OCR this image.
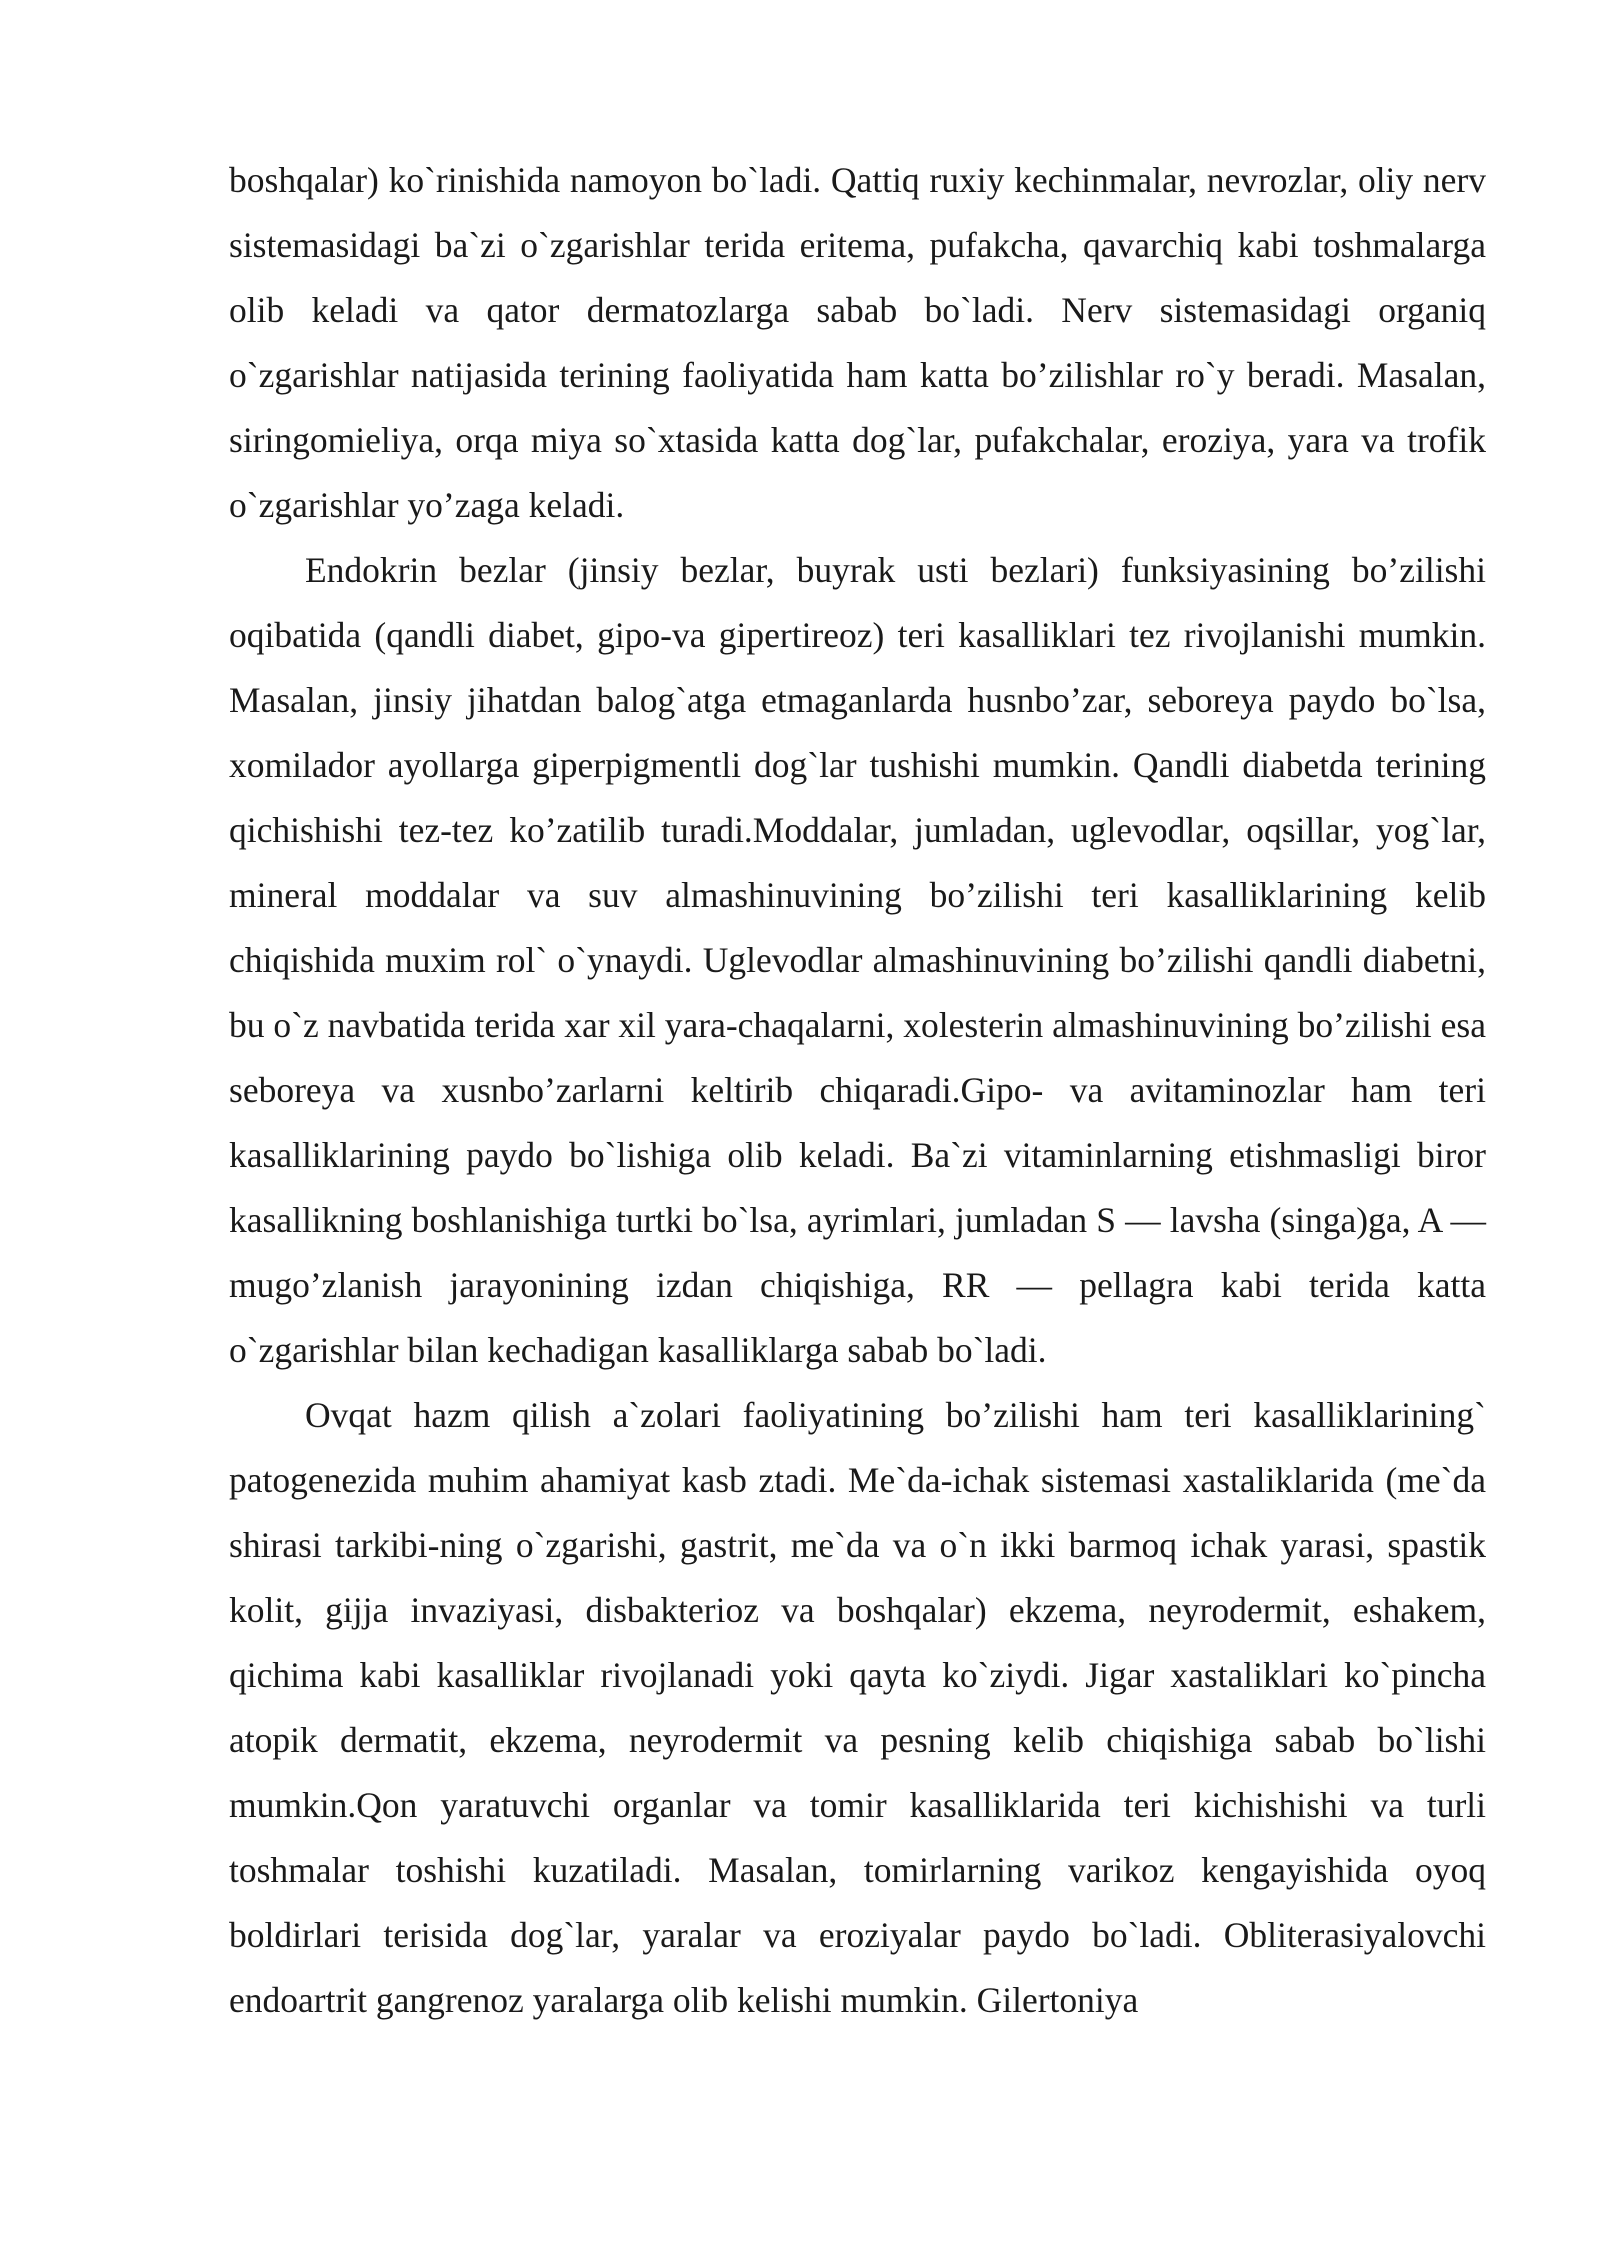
boshqalar) ko`rinishida namoyon bo`ladi. Qattiq ruxiy kechinmalar, nevrozlar, oliy nerv sistemasidagi ba`zi o`zgarishlar terida eritema, pufakcha, qavarchiq kabi toshmalarga olib keladi va qator dermatozlarga sabab bo`ladi. Nerv sistemasidagi organiq o`zgarishlar natijasida terining faoliyatida ham katta bo’zilishlar ro`y beradi. Masalan, siringomieliya, orqa miya so`xtasida katta dog`lar, pufakchalar, eroziya, yara va trofik o`zgarishlar yo’zaga keladi.

Endokrin bezlar (jinsiy bezlar, buyrak usti bezlari) funksiyasining bo’zilishi oqibatida (qandli diabet, gipo-va gipertireoz) teri kasalliklari tez rivojlanishi mumkin. Masalan, jinsiy jihatdan balog`atga etmaganlarda husnbo’zar, seboreya paydo bo`lsa, xomilador ayollarga giperpigmentli dog`lar tushishi mumkin. Qandli diabetda terining qichishishi tez-tez ko’zatilib turadi.Moddalar, jumladan, uglevodlar, oqsillar, yog`lar, mineral moddalar va suv almashinuvining bo’zilishi teri kasalliklarining kelib chiqishida muxim rol` o`ynaydi. Uglevodlar almashinuvining bo’zilishi qandli diabetni, bu o`z navbatida terida xar xil yara-chaqalarni, xolesterin almashinuvining bo’zilishi esa seboreya va xusnbo’zarlarni keltirib chiqaradi.Gipo- va avitaminozlar ham teri kasalliklarining paydo bo`lishiga olib keladi. Ba`zi vitaminlarning etishmasligi biror kasallikning boshlanishiga turtki bo`lsa, ayrimlari, jumladan S — lavsha (singa)ga, A — mugo’zlanish jarayonining izdan chiqishiga, RR — pellagra kabi terida katta o`zgarishlar bilan kechadigan kasalliklarga sabab bo`ladi.

Ovqat hazm qilish a`zolari faoliyatining bo’zilishi ham teri kasalliklarining` patogenezida muhim ahamiyat kasb ztadi. Me`da-ichak sistemasi xastaliklarida (me`da shirasi tarkibi-ning o`zgarishi, gastrit, me`da va o`n ikki barmoq ichak yarasi, spastik kolit, gijja invaziyasi, disbakterioz va boshqalar) ekzema, neyrodermit, eshakem, qichima kabi kasalliklar rivojlanadi yoki qayta ko`ziydi. Jigar xastaliklari ko`pincha atopik dermatit, ekzema, neyrodermit va pesning kelib chiqishiga sabab bo`lishi mumkin.Qon yaratuvchi organlar va tomir kasalliklarida teri kichishishi va turli toshmalar toshishi kuzatiladi. Masalan, tomirlarning varikoz kengayishida oyoq boldirlari terisida dog`lar, yaralar va eroziyalar paydo bo`ladi. Obliterasiyalovchi endoartrit gangrenoz yaralarga olib kelishi mumkin. Gilertoniya
